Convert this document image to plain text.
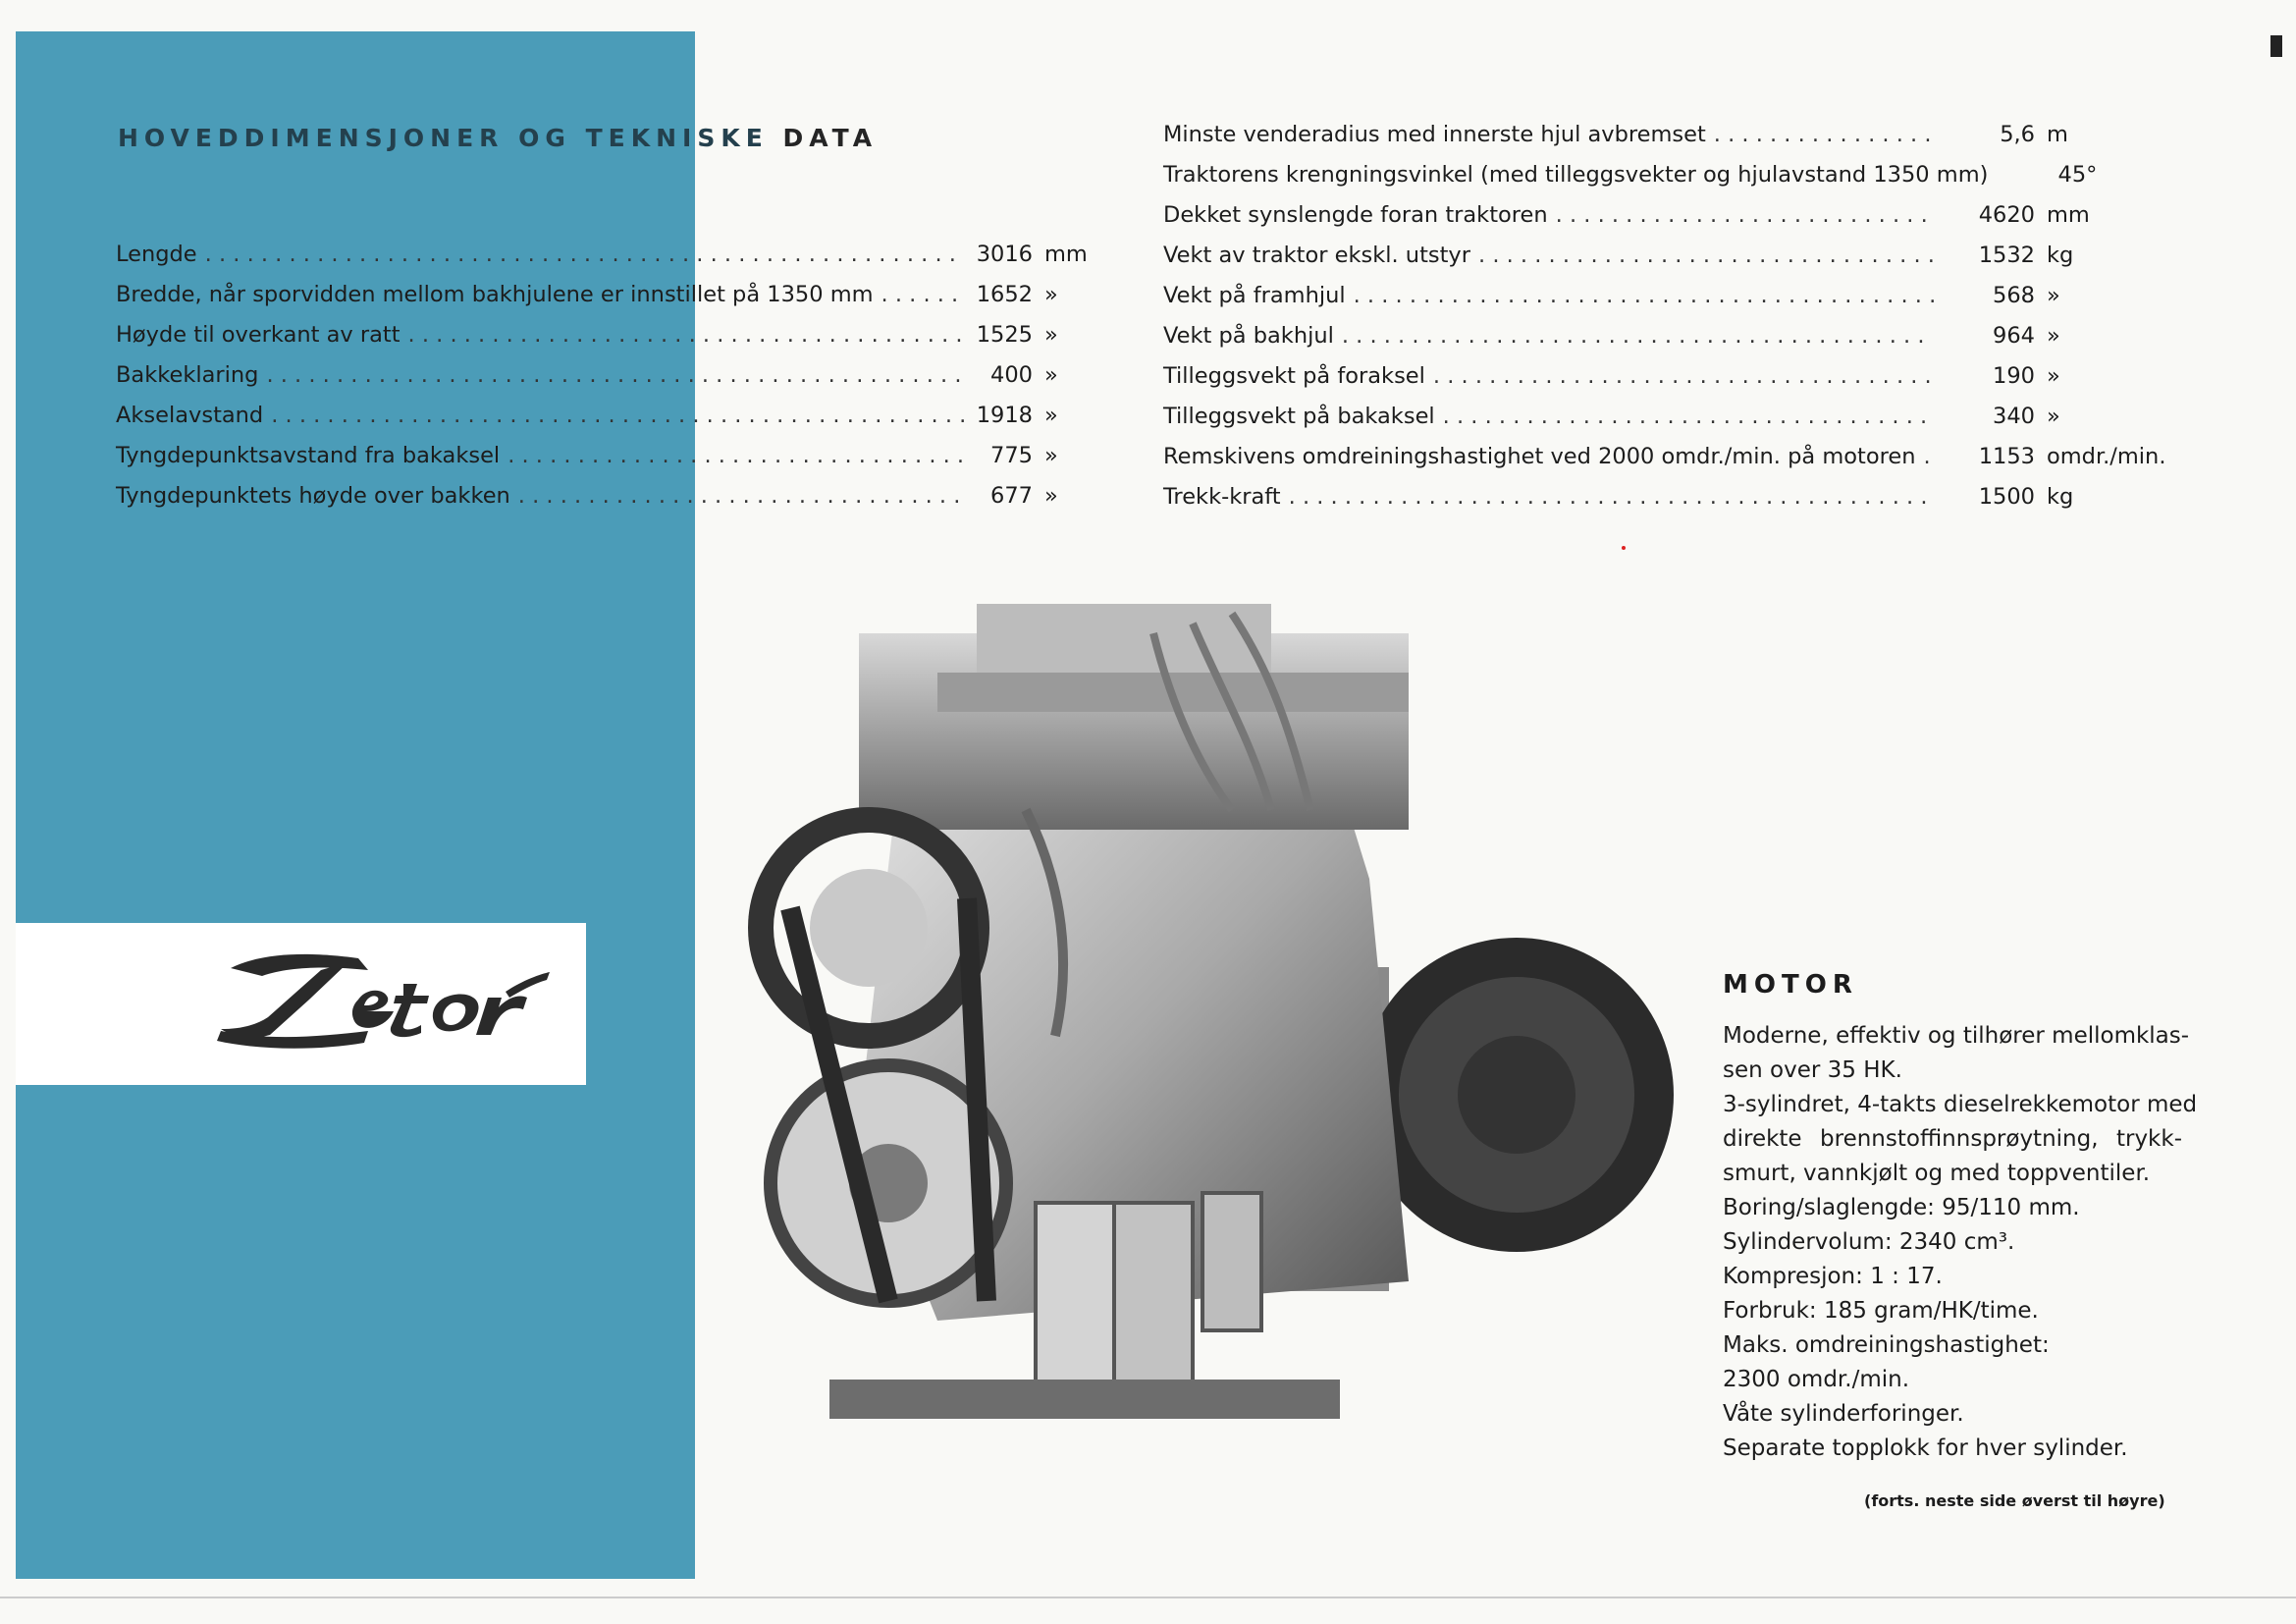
HOVEDDIMENSJONER OG TEKNISKE DATA
Lengde . . .	3016 mm
Bredde, når sporvidden mellom bakhjulene er innstillet på 1350 mm . . .	1652 »
Høyde til overkant av ratt . . .	1525 »
Bakkeklaring . . .	400 »
Akselavstand . . .	1918 »
Tyngdepunktsavstand fra bakaksel . . .	775 »
Tyngdepunktets høyde over bakken . . .	677 »
Minste venderadius med innerste hjul avbremset . . .	5,6 m
Traktorens krengningsvinkel (med tilleggsvekter og hjulavstand 1350 mm)	45°
Dekket synslengde foran traktoren . . .	4620 mm
Vekt av traktor ekskl. utstyr . . .	1532 kg
Vekt på framhjul . . .	568 »
Vekt på bakhjul . . .	964 »
Tilleggsvekt på foraksel . . .	190 »
Tilleggsvekt på bakaksel . . .	340 »
Remskivens omdreiningshastighet ved 2000 omdr./min. på motoren . . .	1153 omdr./min.
Trekk-kraft . . .	1500 kg
MOTOR
Moderne, effektiv og tilhører mellomklas-
sen over 35 HK.
3-sylindret, 4-takts dieselrekkemotor med
direkte brennstoffinnsprøytning, trykk-
smurt, vannkjølt og med toppventiler.
Boring/slaglengde: 95/110 mm.
Sylindervolum: 2340 cm³.
Kompresjon: 1 : 17.
Forbruk: 185 gram/HK/time.
Maks. omdreiningshastighet:
2300 omdr./min.
Våte sylinderforinger.
Separate topplokk for hver sylinder.
(forts. neste side øverst til høyre)
